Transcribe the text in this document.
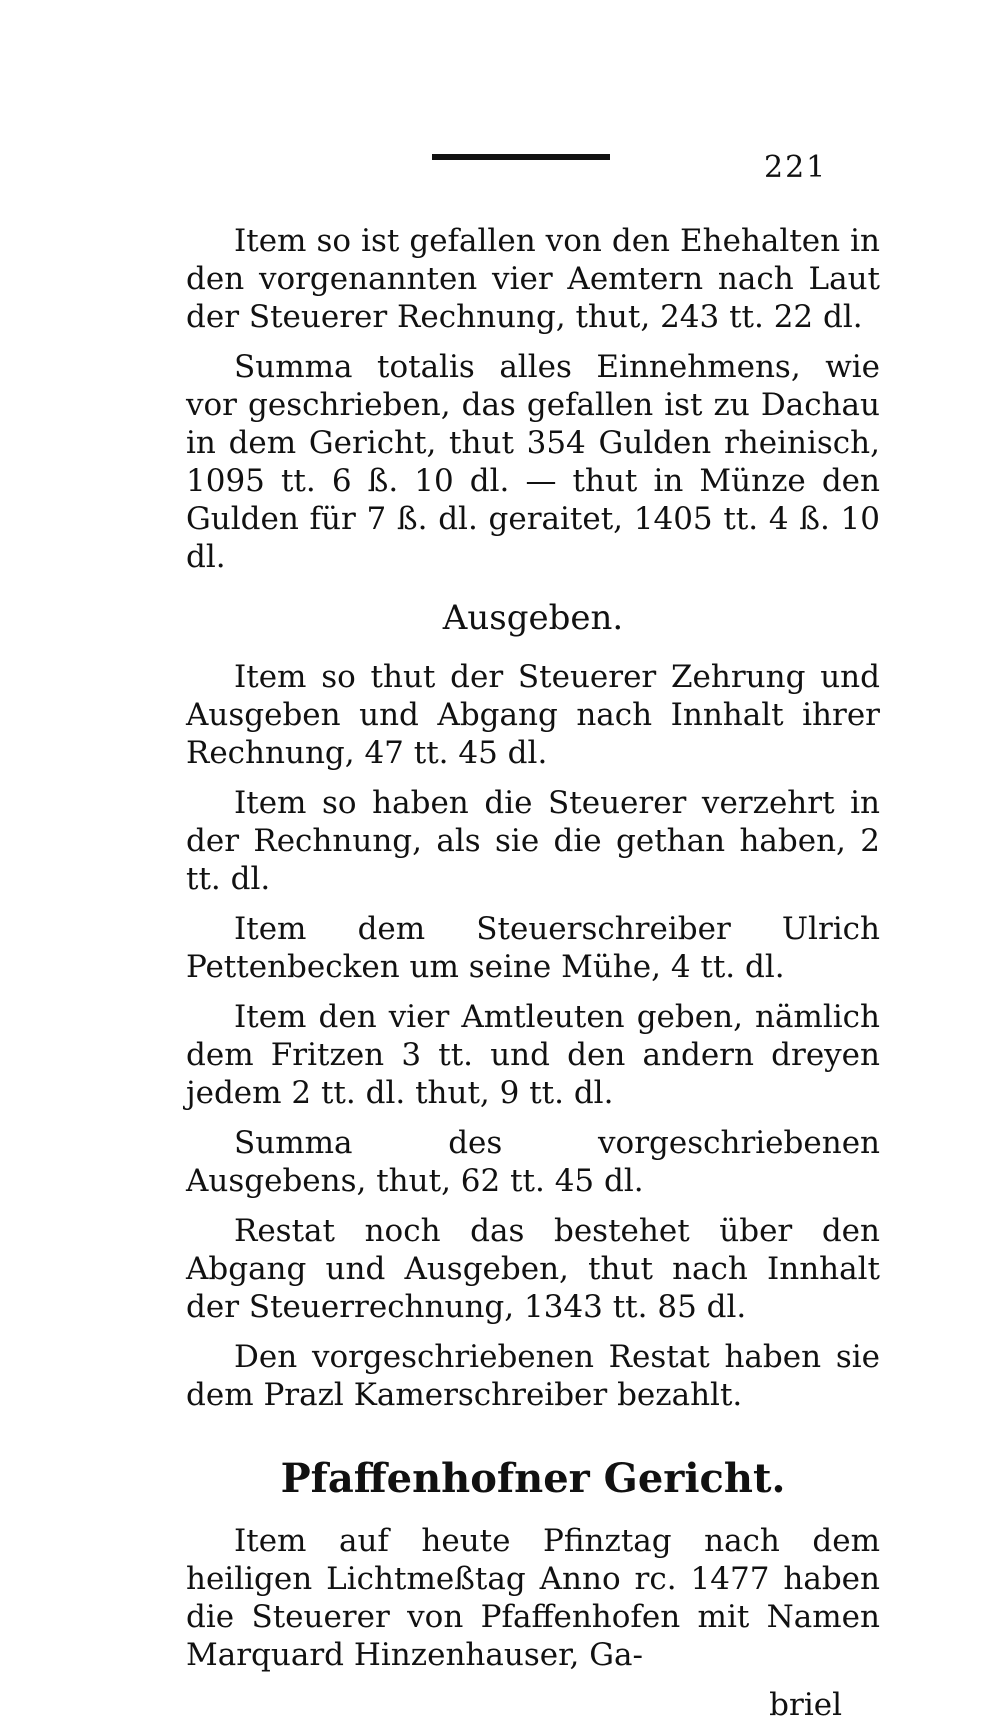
221

Item so ist gefallen von den Ehehalten in den vorgenannten vier Aemtern nach Laut der Steuerer Rechnung, thut, 243 tt. 22 dl.

Summa totalis alles Einnehmens, wie vor geschrieben, das gefallen ist zu Dachau in dem Gericht, thut 354 Gulden rheinisch, 1095 tt. 6 ß. 10 dl. — thut in Münze den Gulden für 7 ß. dl. geraitet, 1405 tt. 4 ß. 10 dl.

Ausgeben.

Item so thut der Steuerer Zehrung und Ausgeben und Abgang nach Innhalt ihrer Rechnung, 47 tt. 45 dl.

Item so haben die Steuerer verzehrt in der Rechnung, als sie die gethan haben, 2 tt. dl.

Item dem Steuerschreiber Ulrich Pettenbecken um seine Mühe, 4 tt. dl.

Item den vier Amtleuten geben, nämlich dem Fritzen 3 tt. und den andern dreyen jedem 2 tt. dl. thut, 9 tt. dl.

Summa des vorgeschriebenen Ausgebens, thut, 62 tt. 45 dl.

Restat noch das bestehet über den Abgang und Ausgeben, thut nach Innhalt der Steuerrechnung, 1343 tt. 85 dl.

Den vorgeschriebenen Restat haben sie dem Prazl Kamerschreiber bezahlt.

Pfaffenhofner Gericht.

Item auf heute Pfinztag nach dem heiligen Lichtmeßtag Anno rc. 1477 haben die Steuerer von Pfaffenhofen mit Namen Marquard Hinzenhauser, Ga-

briel
